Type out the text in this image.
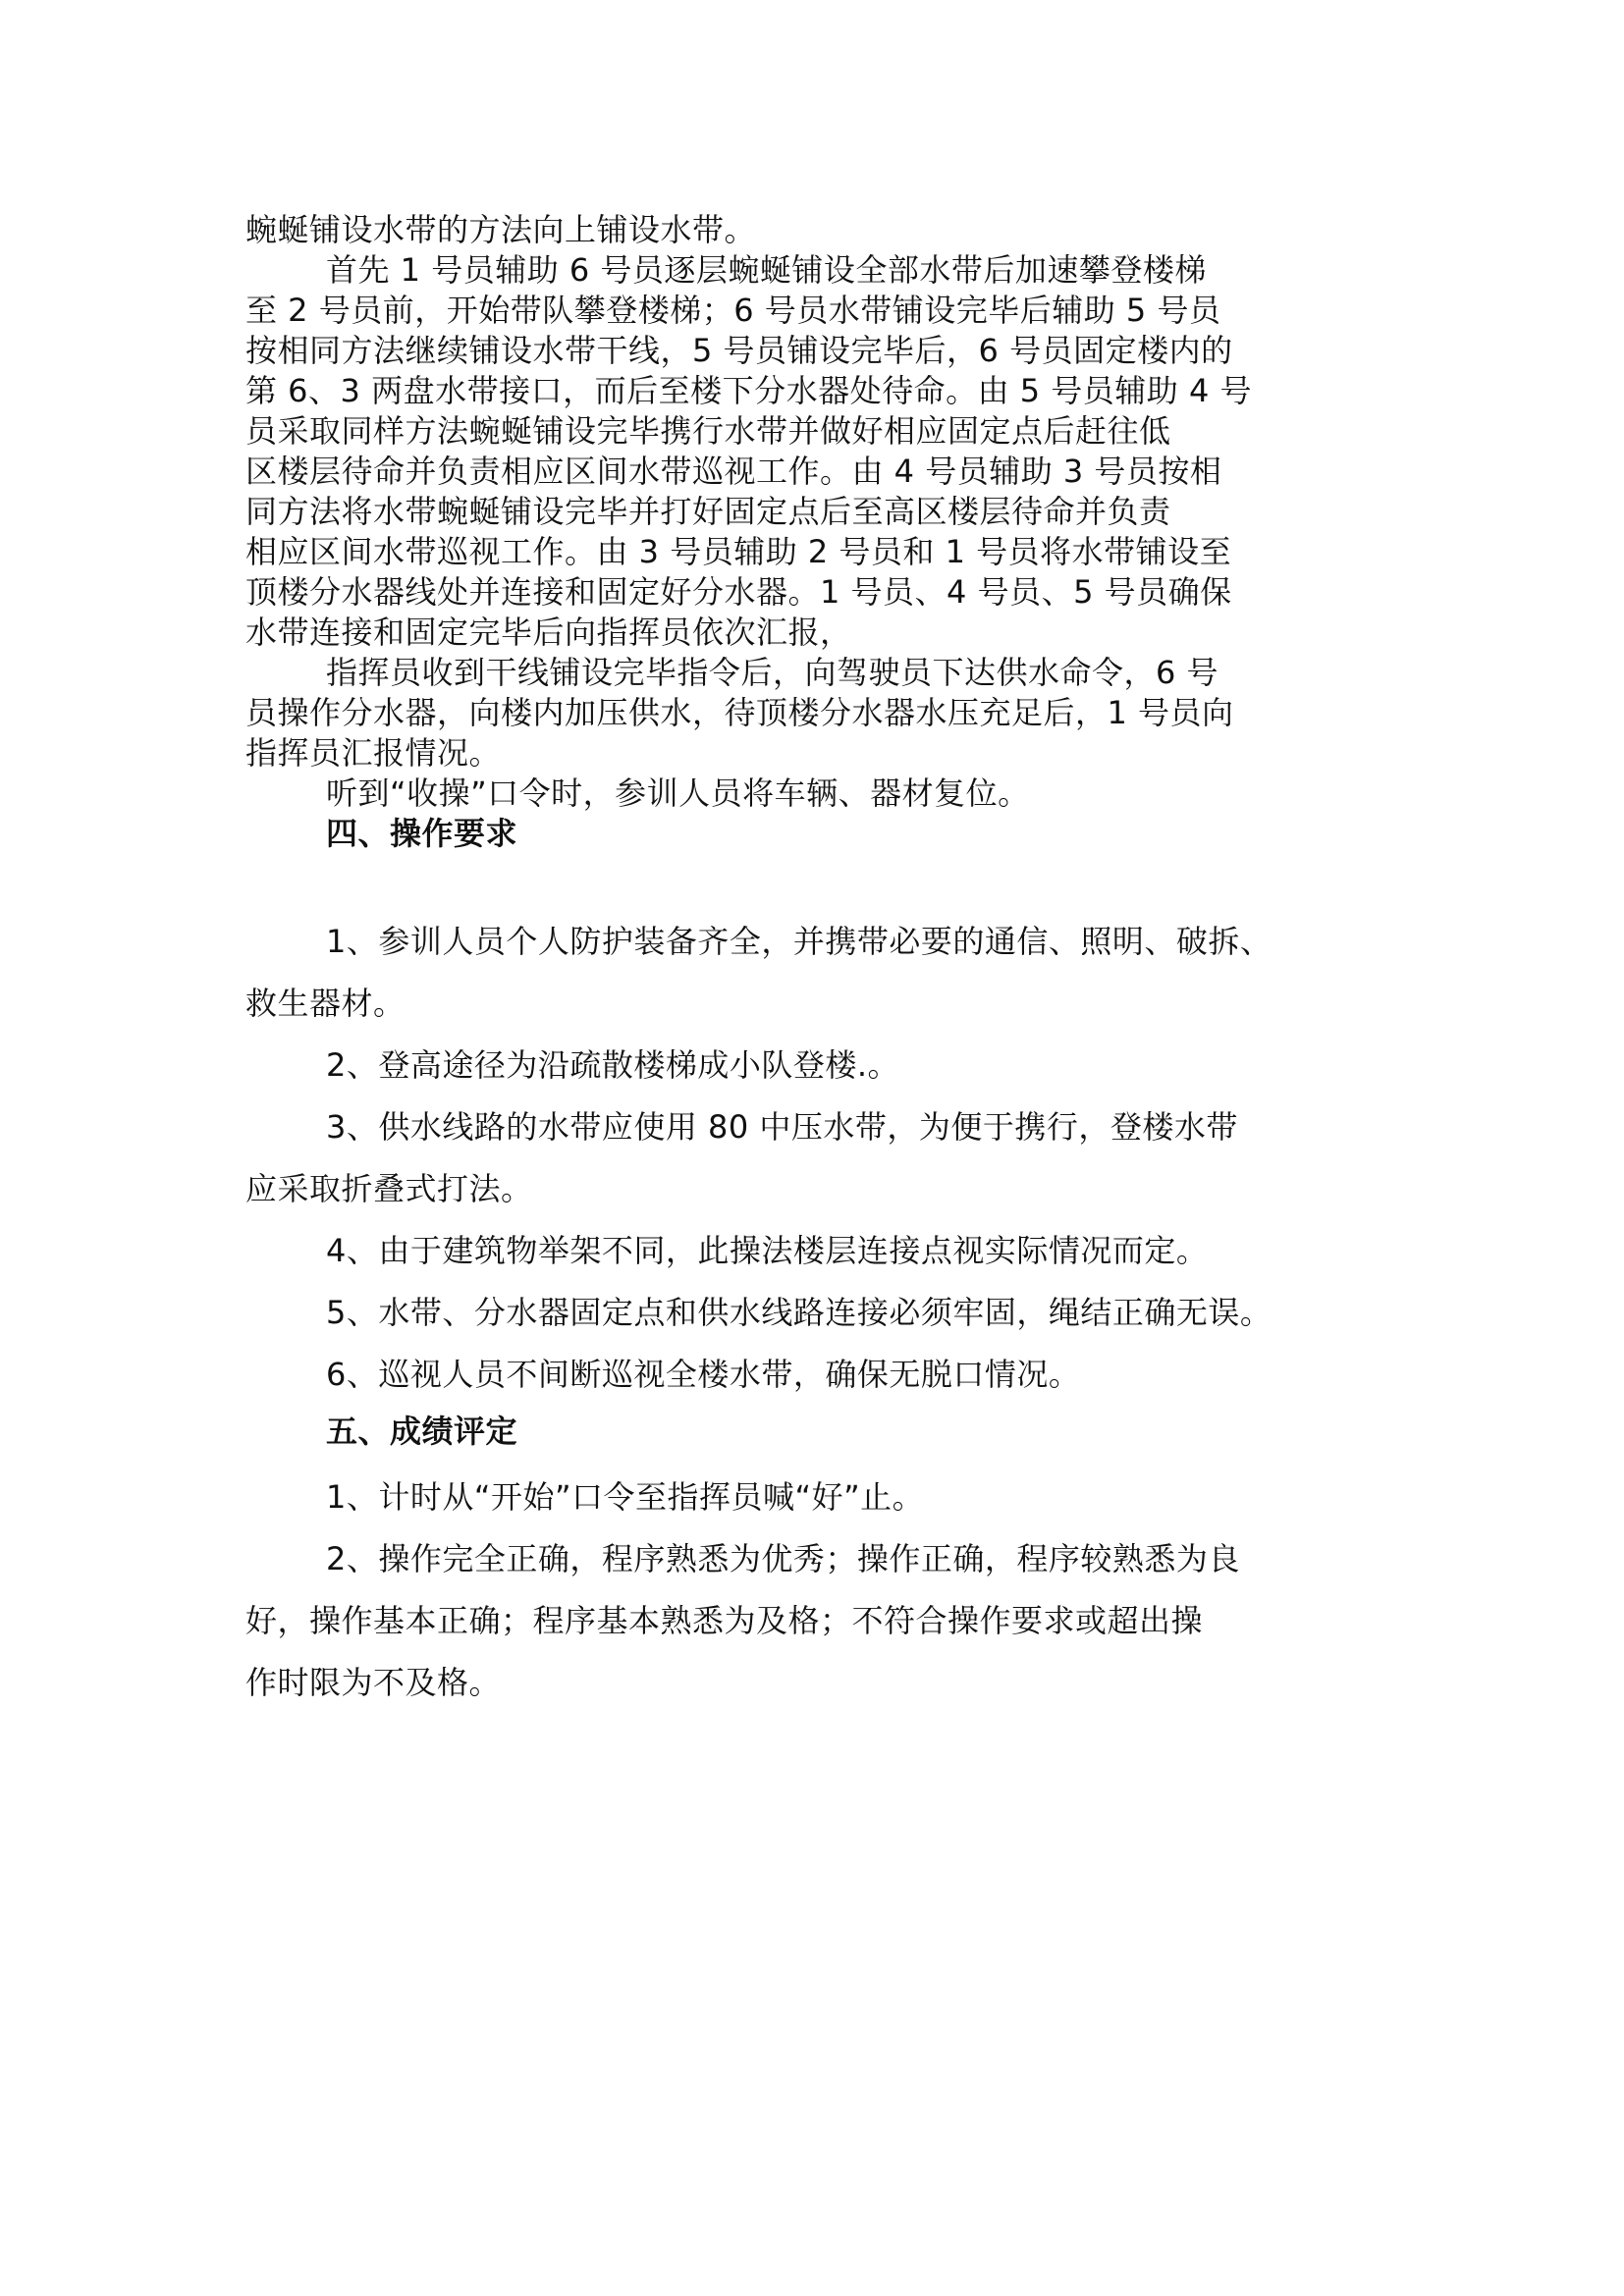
蜿蜒铺设水带的方法向上铺设水带。
首先 1 号员辅助 6 号员逐层蜿蜒铺设全部水带后加速攀登楼梯
至 2 号员前，开始带队攀登楼梯；6 号员水带铺设完毕后辅助 5 号员
按相同方法继续铺设水带干线，5 号员铺设完毕后，6 号员固定楼内的
第 6、3 两盘水带接口，而后至楼下分水器处待命。由 5 号员辅助 4 号
员采取同样方法蜿蜒铺设完毕携行水带并做好相应固定点后赶往低
区楼层待命并负责相应区间水带巡视工作。由 4 号员辅助 3 号员按相
同方法将水带蜿蜒铺设完毕并打好固定点后至高区楼层待命并负责
相应区间水带巡视工作。由 3 号员辅助 2 号员和 1 号员将水带铺设至
顶楼分水器线处并连接和固定好分水器。1 号员、4 号员、5 号员确保
水带连接和固定完毕后向指挥员依次汇报，
指挥员收到干线铺设完毕指令后，向驾驶员下达供水命令，6 号
员操作分水器，向楼内加压供水，待顶楼分水器水压充足后，1 号员向
指挥员汇报情况。
听到“收操”口令时，参训人员将车辆、器材复位。
四、操作要求
1、参训人员个人防护装备齐全，并携带必要的通信、照明、破拆、
救生器材。
2、登高途径为沿疏散楼梯成小队登楼.。
3、供水线路的水带应使用 80 中压水带，为便于携行，登楼水带
应采取折叠式打法。
4、由于建筑物举架不同，此操法楼层连接点视实际情况而定。
5、水带、分水器固定点和供水线路连接必须牢固，绳结正确无误。
6、巡视人员不间断巡视全楼水带，确保无脱口情况。
五、成绩评定
1、计时从“开始”口令至指挥员喊“好”止。
2、操作完全正确，程序熟悉为优秀；操作正确，程序较熟悉为良
好，操作基本正确；程序基本熟悉为及格；不符合操作要求或超出操
作时限为不及格。
